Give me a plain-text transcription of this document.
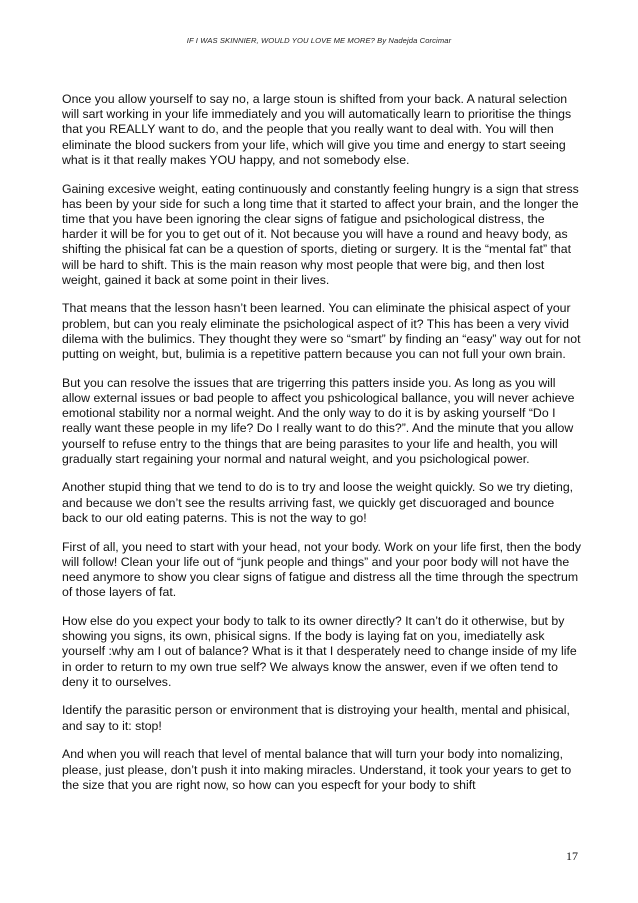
IF I WAS SKINNIER, WOULD YOU LOVE ME MORE? By Nadejda Corcimar

Once you allow yourself to say no, a large stoun is shifted from your back. A natural selection will sart working in your life immediately and you will automatically learn to prioritise the things that you REALLY want to do, and the people that you really want to deal with. You will then eliminate the blood suckers from your life, which will give you time and energy to start seeing what is it that really makes YOU happy, and not somebody else.

Gaining excesive weight, eating continuously and constantly feeling hungry is a sign that stress has been by your side for such a long time that it started to affect your brain, and the longer the time that you have been ignoring the clear signs of fatigue and psichological distress, the harder it will be for you to get out of it. Not because you will have a round and heavy body, as shifting the phisical fat can be a question of sports, dieting or surgery. It is the “mental fat” that will be hard to shift. This is the main reason why most people that were big, and then lost weight, gained it back at some point in their lives.

That means that the lesson hasn’t been learned. You can eliminate the phisical aspect of your problem, but can you realy eliminate the psichological aspect of it? This has been a very vivid dilema with the bulimics. They thought they were so “smart” by finding an “easy” way out for not putting on weight, but, bulimia is a repetitive pattern because you can not full your own brain.

But you can resolve the issues that are trigerring this patters inside you. As long as you will allow external issues or bad people to affect you pshicological ballance, you will never achieve emotional stability nor a normal weight. And the only way to do it is by asking yourself “Do I really want these people in my life? Do I really want to do this?”. And the minute that you allow yourself to refuse entry to the things that are being parasites to your life and health, you will gradually start regaining your normal and natural weight, and you psichological power.

Another stupid thing that we tend to do is to try and loose the weight quickly. So we try dieting, and because we don’t see the results arriving fast, we quickly get discuoraged and bounce back to our old eating paterns. This is not the way to go!

First of all, you need to start with your head, not your body. Work on your life first, then the body will follow! Clean your life out of “junk people and things” and your poor body will not have the need anymore to show you clear signs of fatigue and distress all the time through the spectrum of those layers of fat.

How else do you expect your body to talk to its owner directly? It can’t do it otherwise, but by showing you signs, its own, phisical signs. If the body is laying fat on you, imediatelly ask yourself :why am I out of balance? What is it that I desperately need to change inside of my life in order to return to my own true self? We always know the answer, even if we often tend to deny it to ourselves.

Identify the parasitic person or environment that is distroying your health, mental and phisical, and say to it: stop!

And when you will reach that level of mental balance that will turn your body into nomalizing, please, just please, don’t push it into making miracles. Understand, it took your years to get to the size that you are right now, so how can you especft for your body to shift

17
